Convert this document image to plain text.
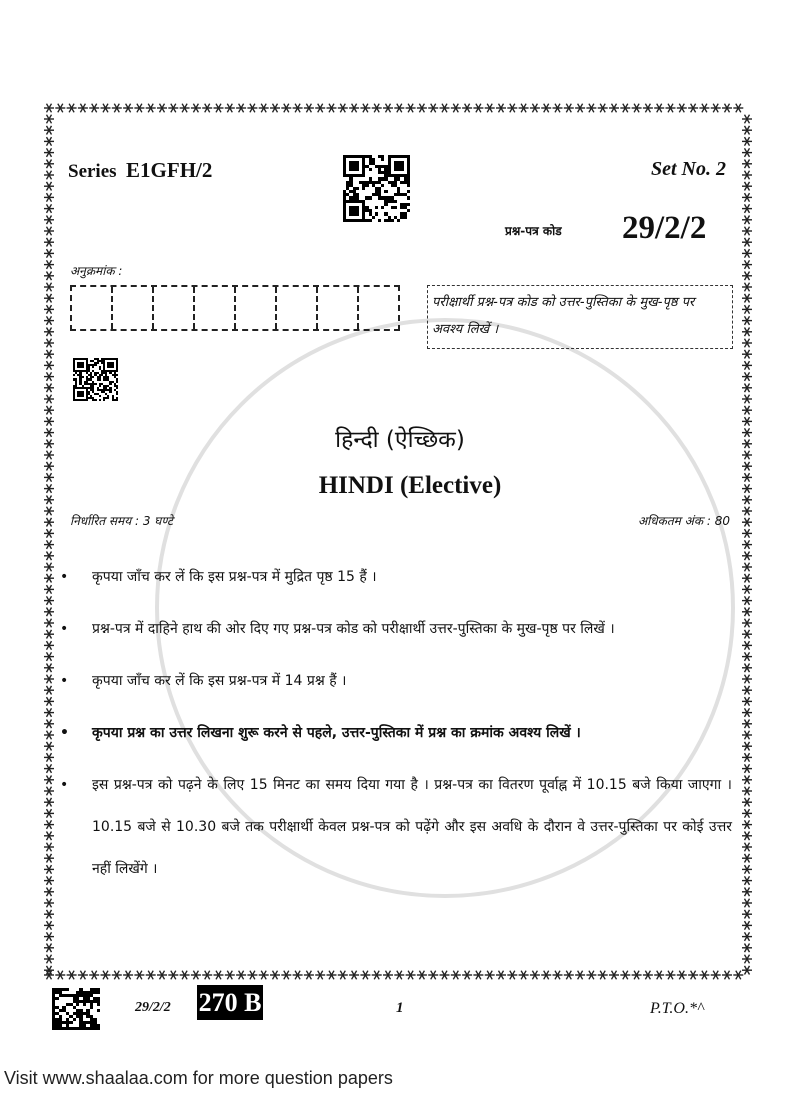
Series E1GFH/2	Set No. 2
प्रश्न-पत्र कोड 29/2/2
अनुक्रमांक :
परीक्षार्थी प्रश्न-पत्र कोड को उत्तर-पुस्तिका के मुख-पृष्ठ पर अवश्य लिखें ।
हिन्दी (ऐच्छिक)
HINDI (Elective)
निर्धारित समय : 3 घण्टे	अधिकतम अंक : 80
• कृपया जाँच कर लें कि इस प्रश्न-पत्र में मुद्रित पृष्ठ 15 हैं ।
• प्रश्न-पत्र में दाहिने हाथ की ओर दिए गए प्रश्न-पत्र कोड को परीक्षार्थी उत्तर-पुस्तिका के मुख-पृष्ठ पर लिखें ।
• कृपया जाँच कर लें कि इस प्रश्न-पत्र में 14 प्रश्न हैं ।
• कृपया प्रश्न का उत्तर लिखना शुरू करने से पहले, उत्तर-पुस्तिका में प्रश्न का क्रमांक अवश्य लिखें ।
• इस प्रश्न-पत्र को पढ़ने के लिए 15 मिनट का समय दिया गया है । प्रश्न-पत्र का वितरण पूर्वाह्न में 10.15 बजे किया जाएगा । 10.15 बजे से 10.30 बजे तक परीक्षार्थी केवल प्रश्न-पत्र को पढ़ेंगे और इस अवधि के दौरान वे उत्तर-पुस्तिका पर कोई उत्तर नहीं लिखेंगे ।
29/2/2 270 B	1	P.T.O.*^
Visit www.shaalaa.com for more question papers
